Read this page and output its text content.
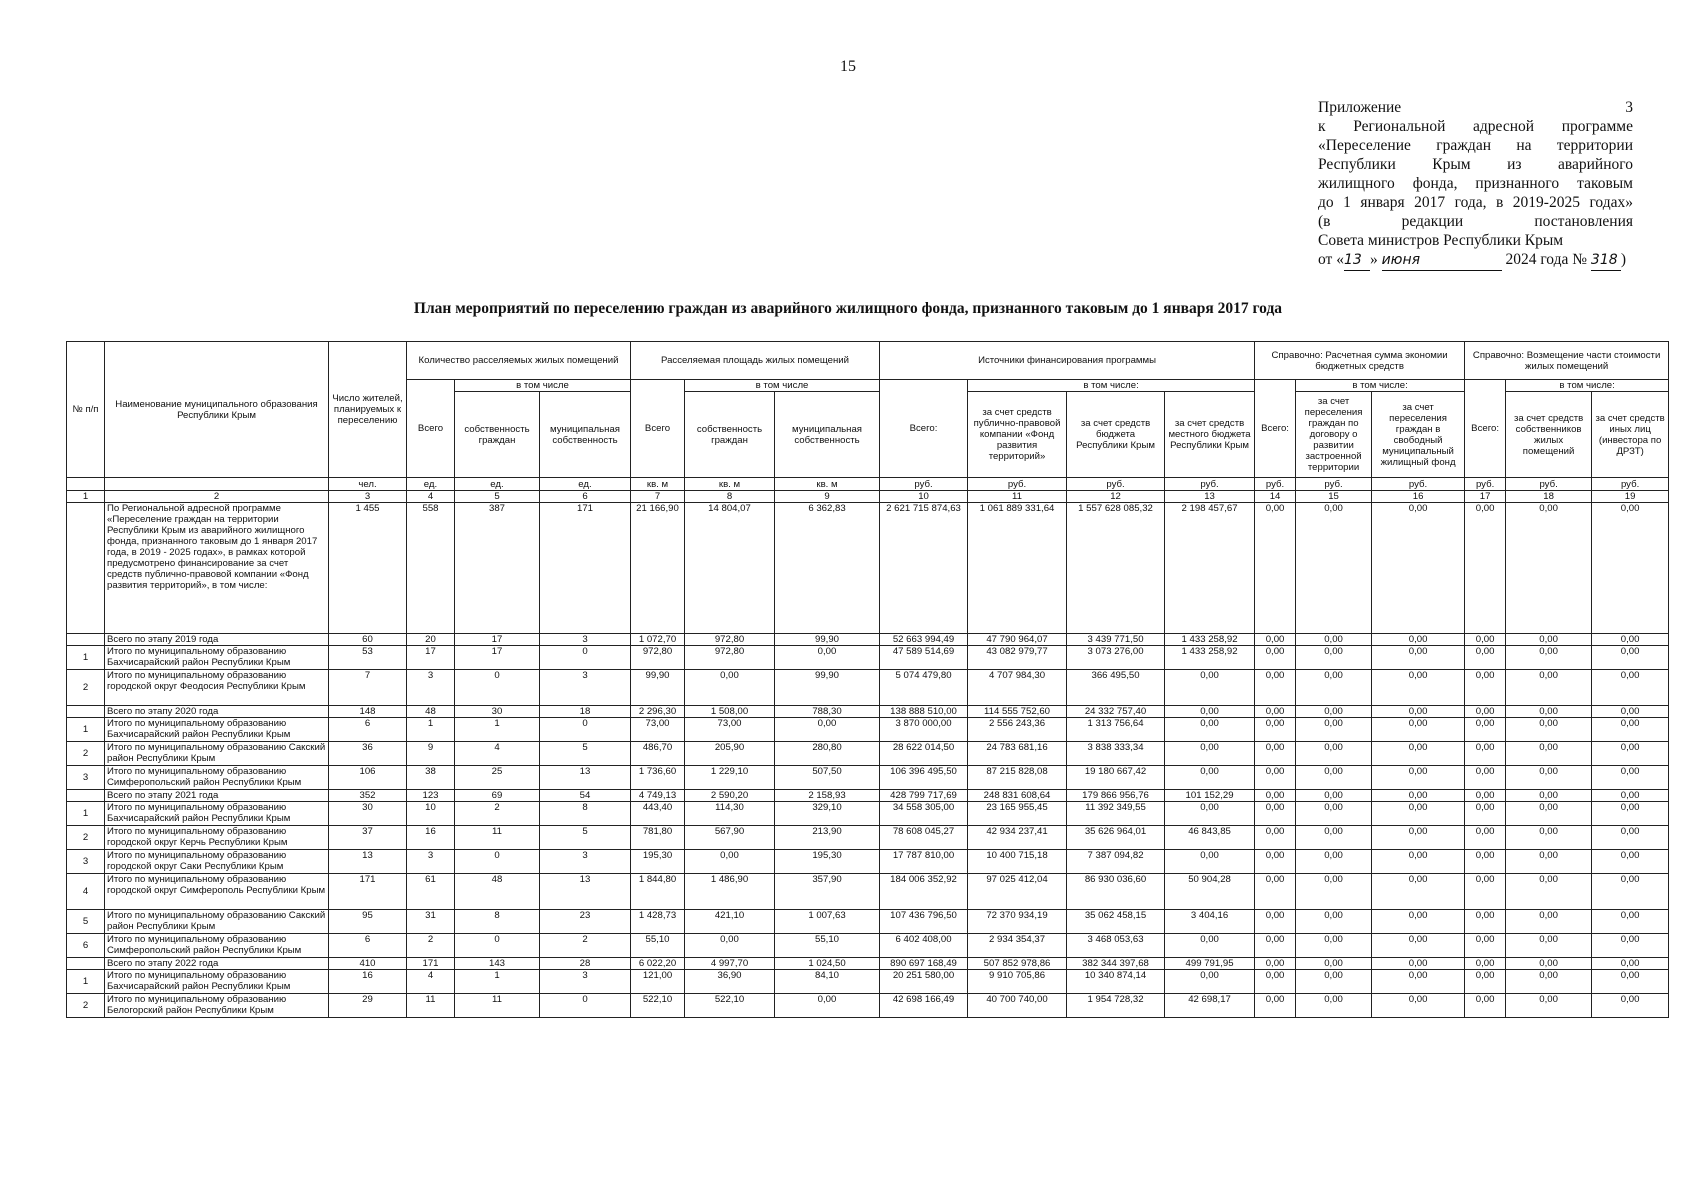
15
Приложение 3
к Региональной адресной программе
«Переселение граждан на территории
Республики Крым из аварийного
жилищного фонда, признанного таковым
до 1 января 2017 года, в 2019-2025 годах»
(в редакции постановления
Совета министров Республики Крым
от «13 » июня	2024 года № 318 )
План мероприятий по переселению граждан из аварийного жилищного фонда, признанного таковым до 1 января 2017 года
№ п/п	Наименование муниципального образования Республики Крым	Число жителей, планируемых к переселению	Количество расселяемых жилых помещений			Расселяемая площадь жилых помещений			Источники финансирования программы				Справочно: Расчетная сумма экономии бюджетных средств			Справочно: Возмещение части стоимости жилых помещений		
			Всего	в том числе		Всего	в том числе		Всего:	в том числе:			Всего:	в том числе:		Всего:	в том числе:	
				собственность граждан	муниципальная собственность		собственность граждан	муниципальная собственность		за счет средств публично-правовой компании «Фонд развития территорий»	за счет средств бюджета Республики Крым	за счет средств местного бюджета Республики Крым		за счет переселения граждан по договору о развитии застроенной территории	за счет переселения граждан в свободный муниципальный жилищный фонд		за счет средств собственников жилых помещений	за счет средств иных лиц (инвестора по ДРЗТ)
		чел.	ед.	ед.	ед.	кв. м	кв. м	кв. м	руб.	руб.	руб.	руб.	руб.	руб.	руб.	руб.	руб.	руб.
1	2	3	4	5	6	7	8	9	10	11	12	13	14	15	16	17	18	19
	По Региональной адресной программе «Переселение граждан на территории Республики Крым из аварийного жилищного фонда, признанного таковым до 1 января 2017 года, в 2019 - 2025 годах», в рамках которой предусмотрено финансирование за счет средств публично-правовой компании «Фонд развития территорий», в том числе:	1 455	558	387	171	21 166,90	14 804,07	6 362,83	2 621 715 874,63	1 061 889 331,64	1 557 628 085,32	2 198 457,67	0,00	0,00	0,00	0,00	0,00	0,00
	Всего по этапу 2019 года	60	20	17	3	1 072,70	972,80	99,90	52 663 994,49	47 790 964,07	3 439 771,50	1 433 258,92	0,00	0,00	0,00	0,00	0,00	0,00
1	Итого по муниципальному образованию Бахчисарайский район Республики Крым	53	17	17	0	972,80	972,80	0,00	47 589 514,69	43 082 979,77	3 073 276,00	1 433 258,92	0,00	0,00	0,00	0,00	0,00	0,00
2	Итого по муниципальному образованию городской округ Феодосия Республики Крым	7	3	0	3	99,90	0,00	99,90	5 074 479,80	4 707 984,30	366 495,50	0,00	0,00	0,00	0,00	0,00	0,00	0,00
	Всего по этапу 2020 года	148	48	30	18	2 296,30	1 508,00	788,30	138 888 510,00	114 555 752,60	24 332 757,40	0,00	0,00	0,00	0,00	0,00	0,00	0,00
1	Итого по муниципальному образованию Бахчисарайский район Республики Крым	6	1	1	0	73,00	73,00	0,00	3 870 000,00	2 556 243,36	1 313 756,64	0,00	0,00	0,00	0,00	0,00	0,00	0,00
2	Итого по муниципальному образованию Сакский район Республики Крым	36	9	4	5	486,70	205,90	280,80	28 622 014,50	24 783 681,16	3 838 333,34	0,00	0,00	0,00	0,00	0,00	0,00	0,00
3	Итого по муниципальному образованию Симферопольский район Республики Крым	106	38	25	13	1 736,60	1 229,10	507,50	106 396 495,50	87 215 828,08	19 180 667,42	0,00	0,00	0,00	0,00	0,00	0,00	0,00
	Всего по этапу 2021 года	352	123	69	54	4 749,13	2 590,20	2 158,93	428 799 717,69	248 831 608,64	179 866 956,76	101 152,29	0,00	0,00	0,00	0,00	0,00	0,00
1	Итого по муниципальному образованию Бахчисарайский район Республики Крым	30	10	2	8	443,40	114,30	329,10	34 558 305,00	23 165 955,45	11 392 349,55	0,00	0,00	0,00	0,00	0,00	0,00	0,00
2	Итого по муниципальному образованию городской округ Керчь Республики Крым	37	16	11	5	781,80	567,90	213,90	78 608 045,27	42 934 237,41	35 626 964,01	46 843,85	0,00	0,00	0,00	0,00	0,00	0,00
3	Итого по муниципальному образованию городской округ Саки Республики Крым	13	3	0	3	195,30	0,00	195,30	17 787 810,00	10 400 715,18	7 387 094,82	0,00	0,00	0,00	0,00	0,00	0,00	0,00
4	Итого по муниципальному образованию городской округ Симферополь Республики Крым	171	61	48	13	1 844,80	1 486,90	357,90	184 006 352,92	97 025 412,04	86 930 036,60	50 904,28	0,00	0,00	0,00	0,00	0,00	0,00
5	Итого по муниципальному образованию Сакский район Республики Крым	95	31	8	23	1 428,73	421,10	1 007,63	107 436 796,50	72 370 934,19	35 062 458,15	3 404,16	0,00	0,00	0,00	0,00	0,00	0,00
6	Итого по муниципальному образованию Симферопольский район Республики Крым	6	2	0	2	55,10	0,00	55,10	6 402 408,00	2 934 354,37	3 468 053,63	0,00	0,00	0,00	0,00	0,00	0,00	0,00
	Всего по этапу 2022 года	410	171	143	28	6 022,20	4 997,70	1 024,50	890 697 168,49	507 852 978,86	382 344 397,68	499 791,95	0,00	0,00	0,00	0,00	0,00	0,00
1	Итого по муниципальному образованию Бахчисарайский район Республики Крым	16	4	1	3	121,00	36,90	84,10	20 251 580,00	9 910 705,86	10 340 874,14	0,00	0,00	0,00	0,00	0,00	0,00	0,00
2	Итого по муниципальному образованию Белогорский район Республики Крым	29	11	11	0	522,10	522,10	0,00	42 698 166,49	40 700 740,00	1 954 728,32	42 698,17	0,00	0,00	0,00	0,00	0,00	0,00
